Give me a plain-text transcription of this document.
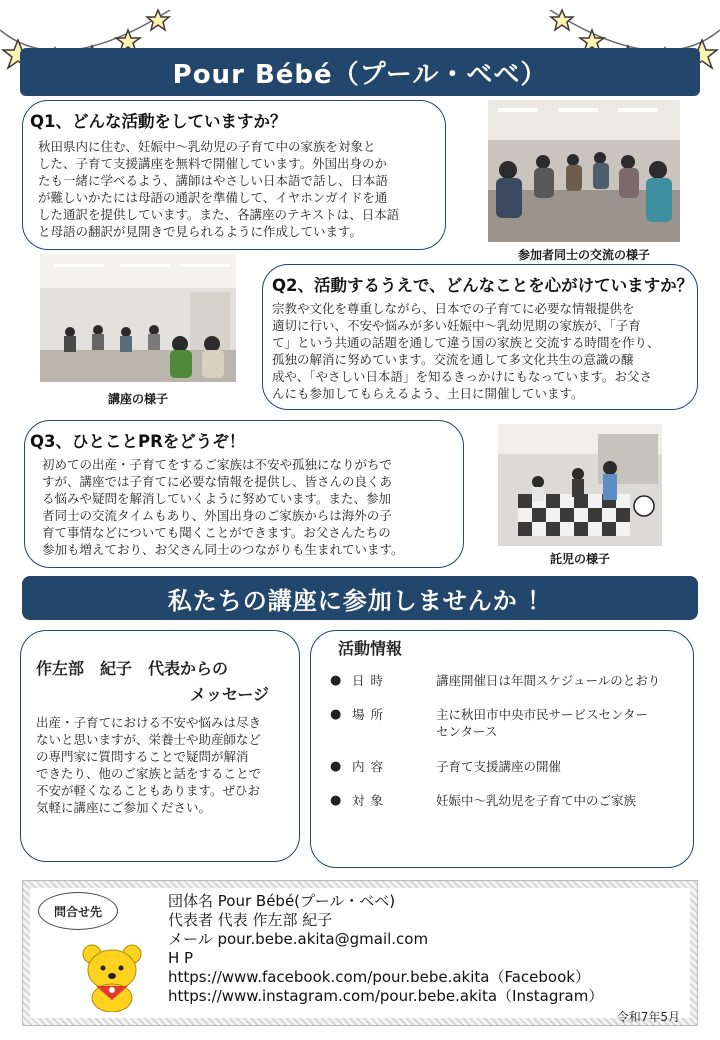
Pour Bébé（プール・ベベ）
Q1、どんな活動をしていますか？
秋田県内に住む、妊娠中〜乳幼児の子育て中の家族を対象と
した、子育て支援講座を無料で開催しています。外国出身のか
たも一緒に学べるよう、講師はやさしい日本語で話し、日本語
が難しいかたには母語の通訳を準備して、イヤホンガイドを通
した通訳を提供しています。また、各講座のテキストは、日本語
と母語の翻訳が見開きで見られるように作成しています。
参加者同士の交流の様子
講座の様子
Q2、活動するうえで、どんなことを心がけていますか？
宗教や文化を尊重しながら、日本での子育てに必要な情報提供を
適切に行い、不安や悩みが多い妊娠中〜乳幼児期の家族が、「子育
て」という共通の話題を通して違う国の家族と交流する時間を作り、
孤独の解消に努めています。交流を通して多文化共生の意識の醸
成や、「やさしい日本語」を知るきっかけにもなっています。お父さ
んにも参加してもらえるよう、土日に開催しています。
Q3、ひとことPRをどうぞ！
初めての出産・子育てをするご家族は不安や孤独になりがちで
すが、講座では子育てに必要な情報を提供し、皆さんの良くあ
る悩みや疑問を解消していくように努めています。また、参加
者同士の交流タイムもあり、外国出身のご家族からは海外の子
育て事情などについても聞くことができます。お父さんたちの
参加も増えており、お父さん同士のつながりも生まれています。
託児の様子
私たちの講座に参加しませんか ！
作左部　紀子　代表からの
メッセージ
出産・子育てにおける不安や悩みは尽き
ないと思いますが、栄養士や助産師など
の専門家に質問することで疑問が解消
できたり、他のご家族と話をすることで
不安が軽くなることもあります。ぜひお
気軽に講座にご参加ください。
活動情報
● 日時	講座開催日は年間スケジュールのとおり
● 場所	主に秋田市中央市民サービスセンター
センタース
● 内容	子育て支援講座の開催
● 対象	妊娠中〜乳幼児を子育て中のご家族
問合せ先
団体名 Pour Bébé(プール・ベベ)
代表者 代表 作左部 紀子
メール pour.bebe.akita@gmail.com
H P
https://www.facebook.com/pour.bebe.akita（Facebook）
https://www.instagram.com/pour.bebe.akita（Instagram）
令和7年5月
